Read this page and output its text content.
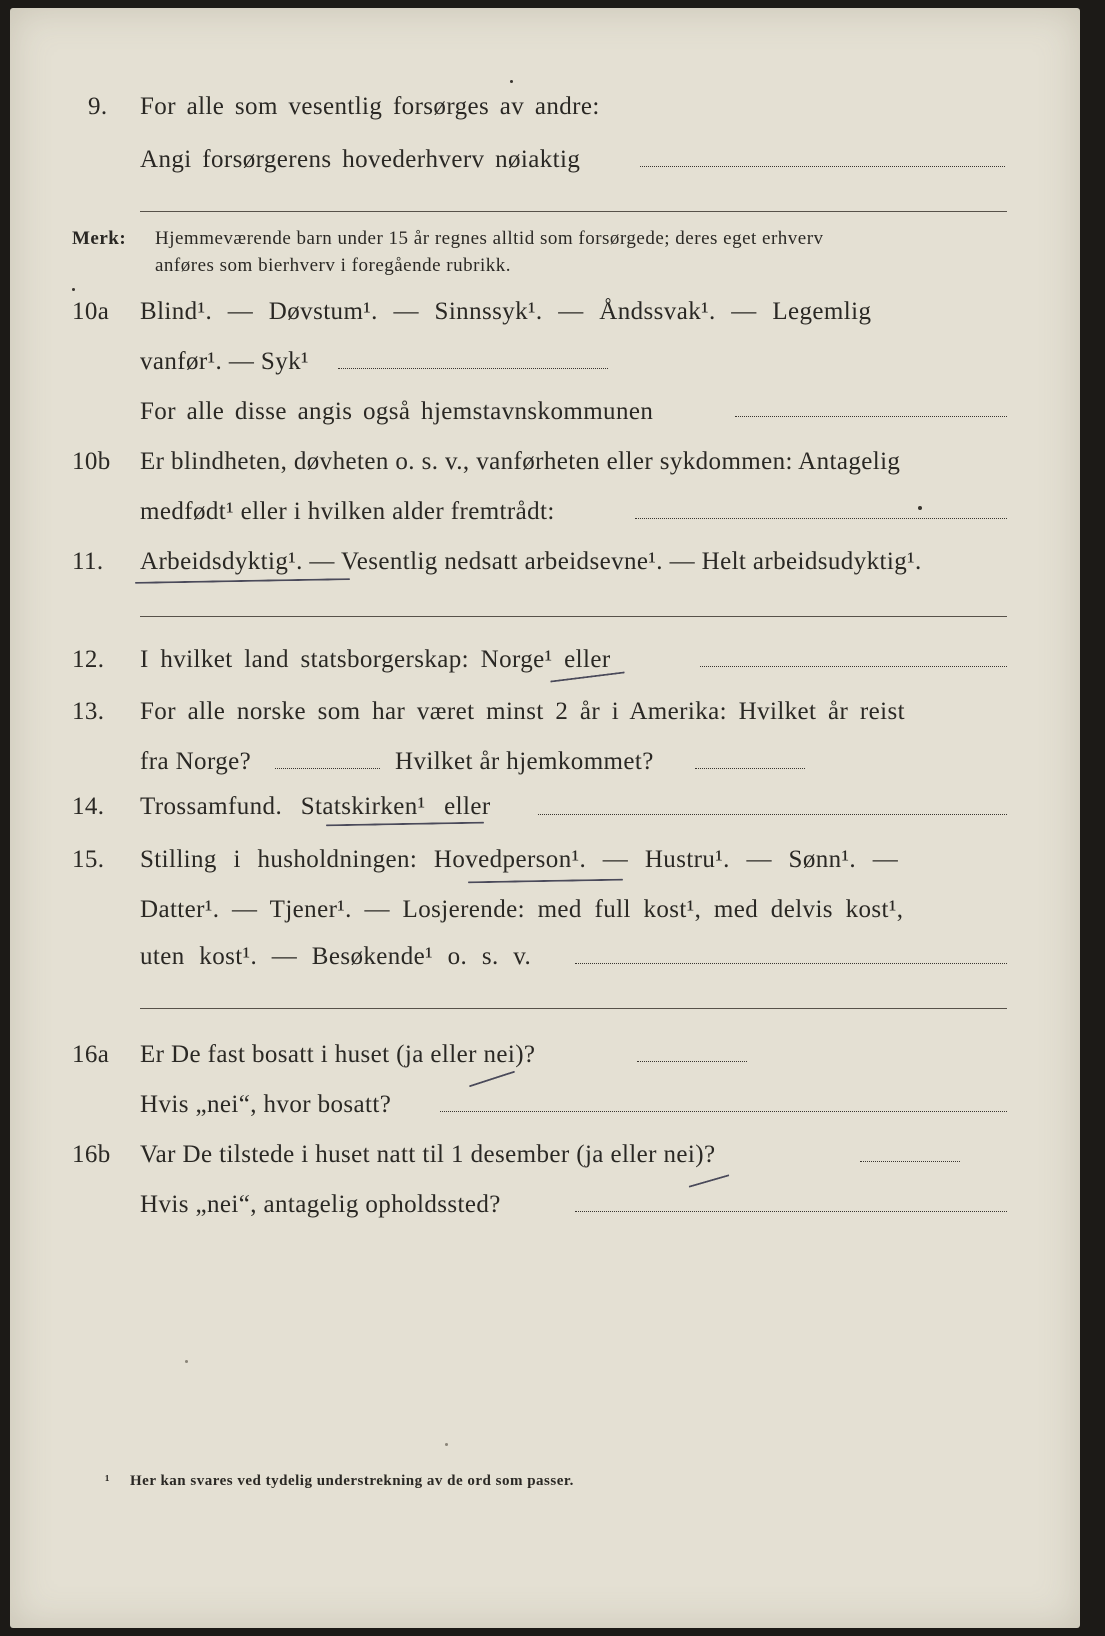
9. For alle som vesentlig forsørges av andre:
Angi forsørgerens hovederhverv nøiaktig
Merk: Hjemmeværende barn under 15 år regnes alltid som forsørgede; deres eget erhverv
anføres som bierhverv i foregående rubrikk.
10a Blind¹. — Døvstum¹. — Sinnssyk¹. — Åndssvak¹. — Legemlig
vanfør¹. — Syk¹
For alle disse angis også hjemstavnskommunen
10b Er blindheten, døvheten o. s. v., vanførheten eller sykdommen: Antagelig
medfødt¹ eller i hvilken alder fremtrådt:
11. Arbeidsdyktig¹. — Vesentlig nedsatt arbeidsevne¹. — Helt arbeidsudyktig¹.
12. I hvilket land statsborgerskap: Norge¹ eller
13. For alle norske som har været minst 2 år i Amerika: Hvilket år reist
fra Norge?	Hvilket år hjemkommet?
14. Trossamfund. Statskirken¹ eller
15. Stilling i husholdningen: Hovedperson¹. — Hustru¹. — Sønn¹. —
Datter¹. — Tjener¹. — Losjerende: med full kost¹, med delvis kost¹,
uten kost¹. — Besøkende¹ o. s. v.
16a Er De fast bosatt i huset (ja eller nei)?
Hvis „nei“, hvor bosatt?
16b Var De tilstede i huset natt til 1 desember (ja eller nei)?
Hvis „nei“, antagelig opholdssted?
¹ Her kan svares ved tydelig understrekning av de ord som passer.
